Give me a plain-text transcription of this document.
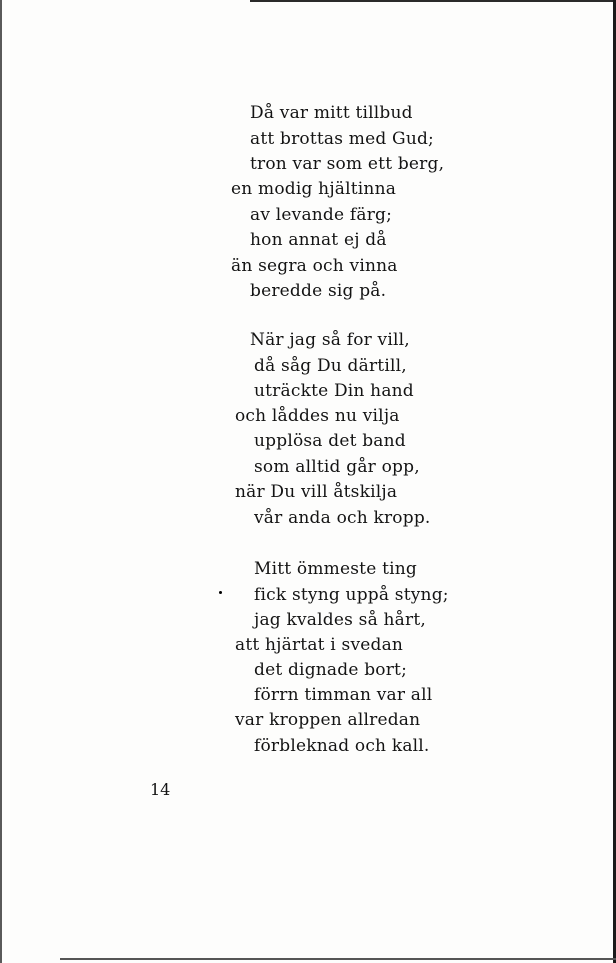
Då var mitt tillbud
att brottas med Gud;
tron var som ett berg,
en modig hjältinna
av levande färg;
hon annat ej då
än segra och vinna
beredde sig på.
När jag så for vill,
då såg Du därtill,
uträckte Din hand
och låddes nu vilja
upplösa det band
som alltid går opp,
när Du vill åtskilja
vår anda och kropp.
Mitt ömmeste ting
fick styng uppå styng;
jag kvaldes så hårt,
att hjärtat i svedan
det dignade bort;
förrn timman var all
var kroppen allredan
förbleknad och kall.
14
